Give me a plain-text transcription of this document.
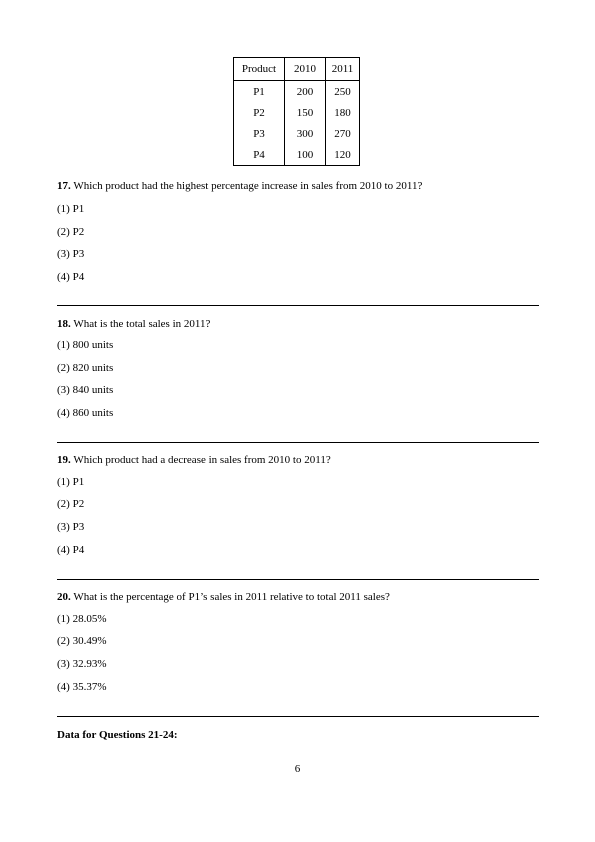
Product	2010	2011
P1	200	250
P2	150	180
P3	300	270
P4	100	120
17. Which product had the highest percentage increase in sales from 2010 to 2011?
(1) P1
(2) P2
(3) P3
(4) P4
18. What is the total sales in 2011?
(1) 800 units
(2) 820 units
(3) 840 units
(4) 860 units
19. Which product had a decrease in sales from 2010 to 2011?
(1) P1
(2) P2
(3) P3
(4) P4
20. What is the percentage of P1’s sales in 2011 relative to total 2011 sales?
(1) 28.05%
(2) 30.49%
(3) 32.93%
(4) 35.37%
Data for Questions 21-24:
6
